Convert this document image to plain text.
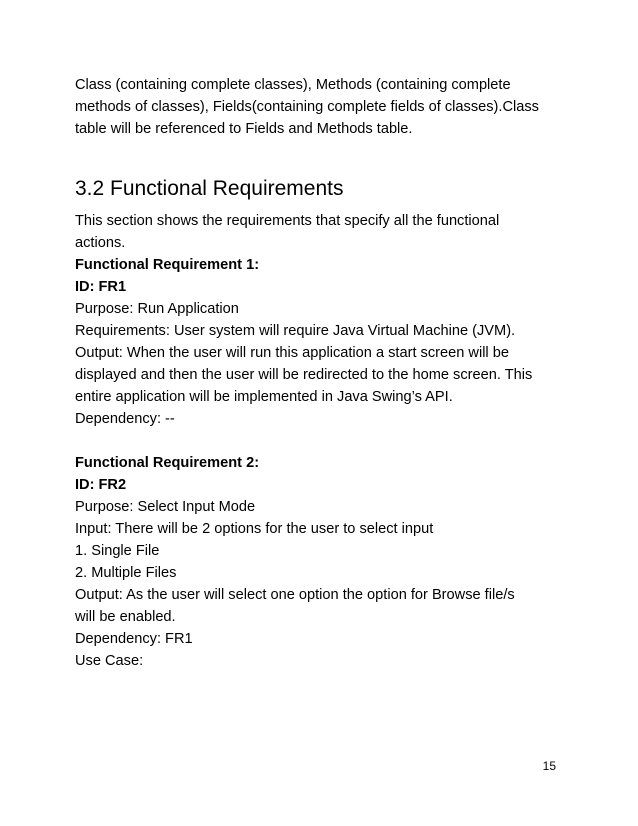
Class (containing complete classes), Methods (containing complete
methods of classes), Fields(containing complete fields of classes).Class
table will be referenced to Fields and Methods table.

3.2 Functional Requirements

This section shows the requirements that specify all the functional
actions.

Functional Requirement 1:

ID: FR1

Purpose: Run Application

Requirements: User system will require Java Virtual Machine (JVM).

Output: When the user will run this application a start screen will be
displayed and then the user will be redirected to the home screen. This
entire application will be implemented in Java Swing’s API.

Dependency: --

Functional Requirement 2:

ID: FR2

Purpose: Select Input Mode

Input: There will be 2 options for the user to select input

1. Single File

2. Multiple Files

Output: As the user will select one option the option for Browse file/s
will be enabled.

Dependency: FR1

Use Case:

15
